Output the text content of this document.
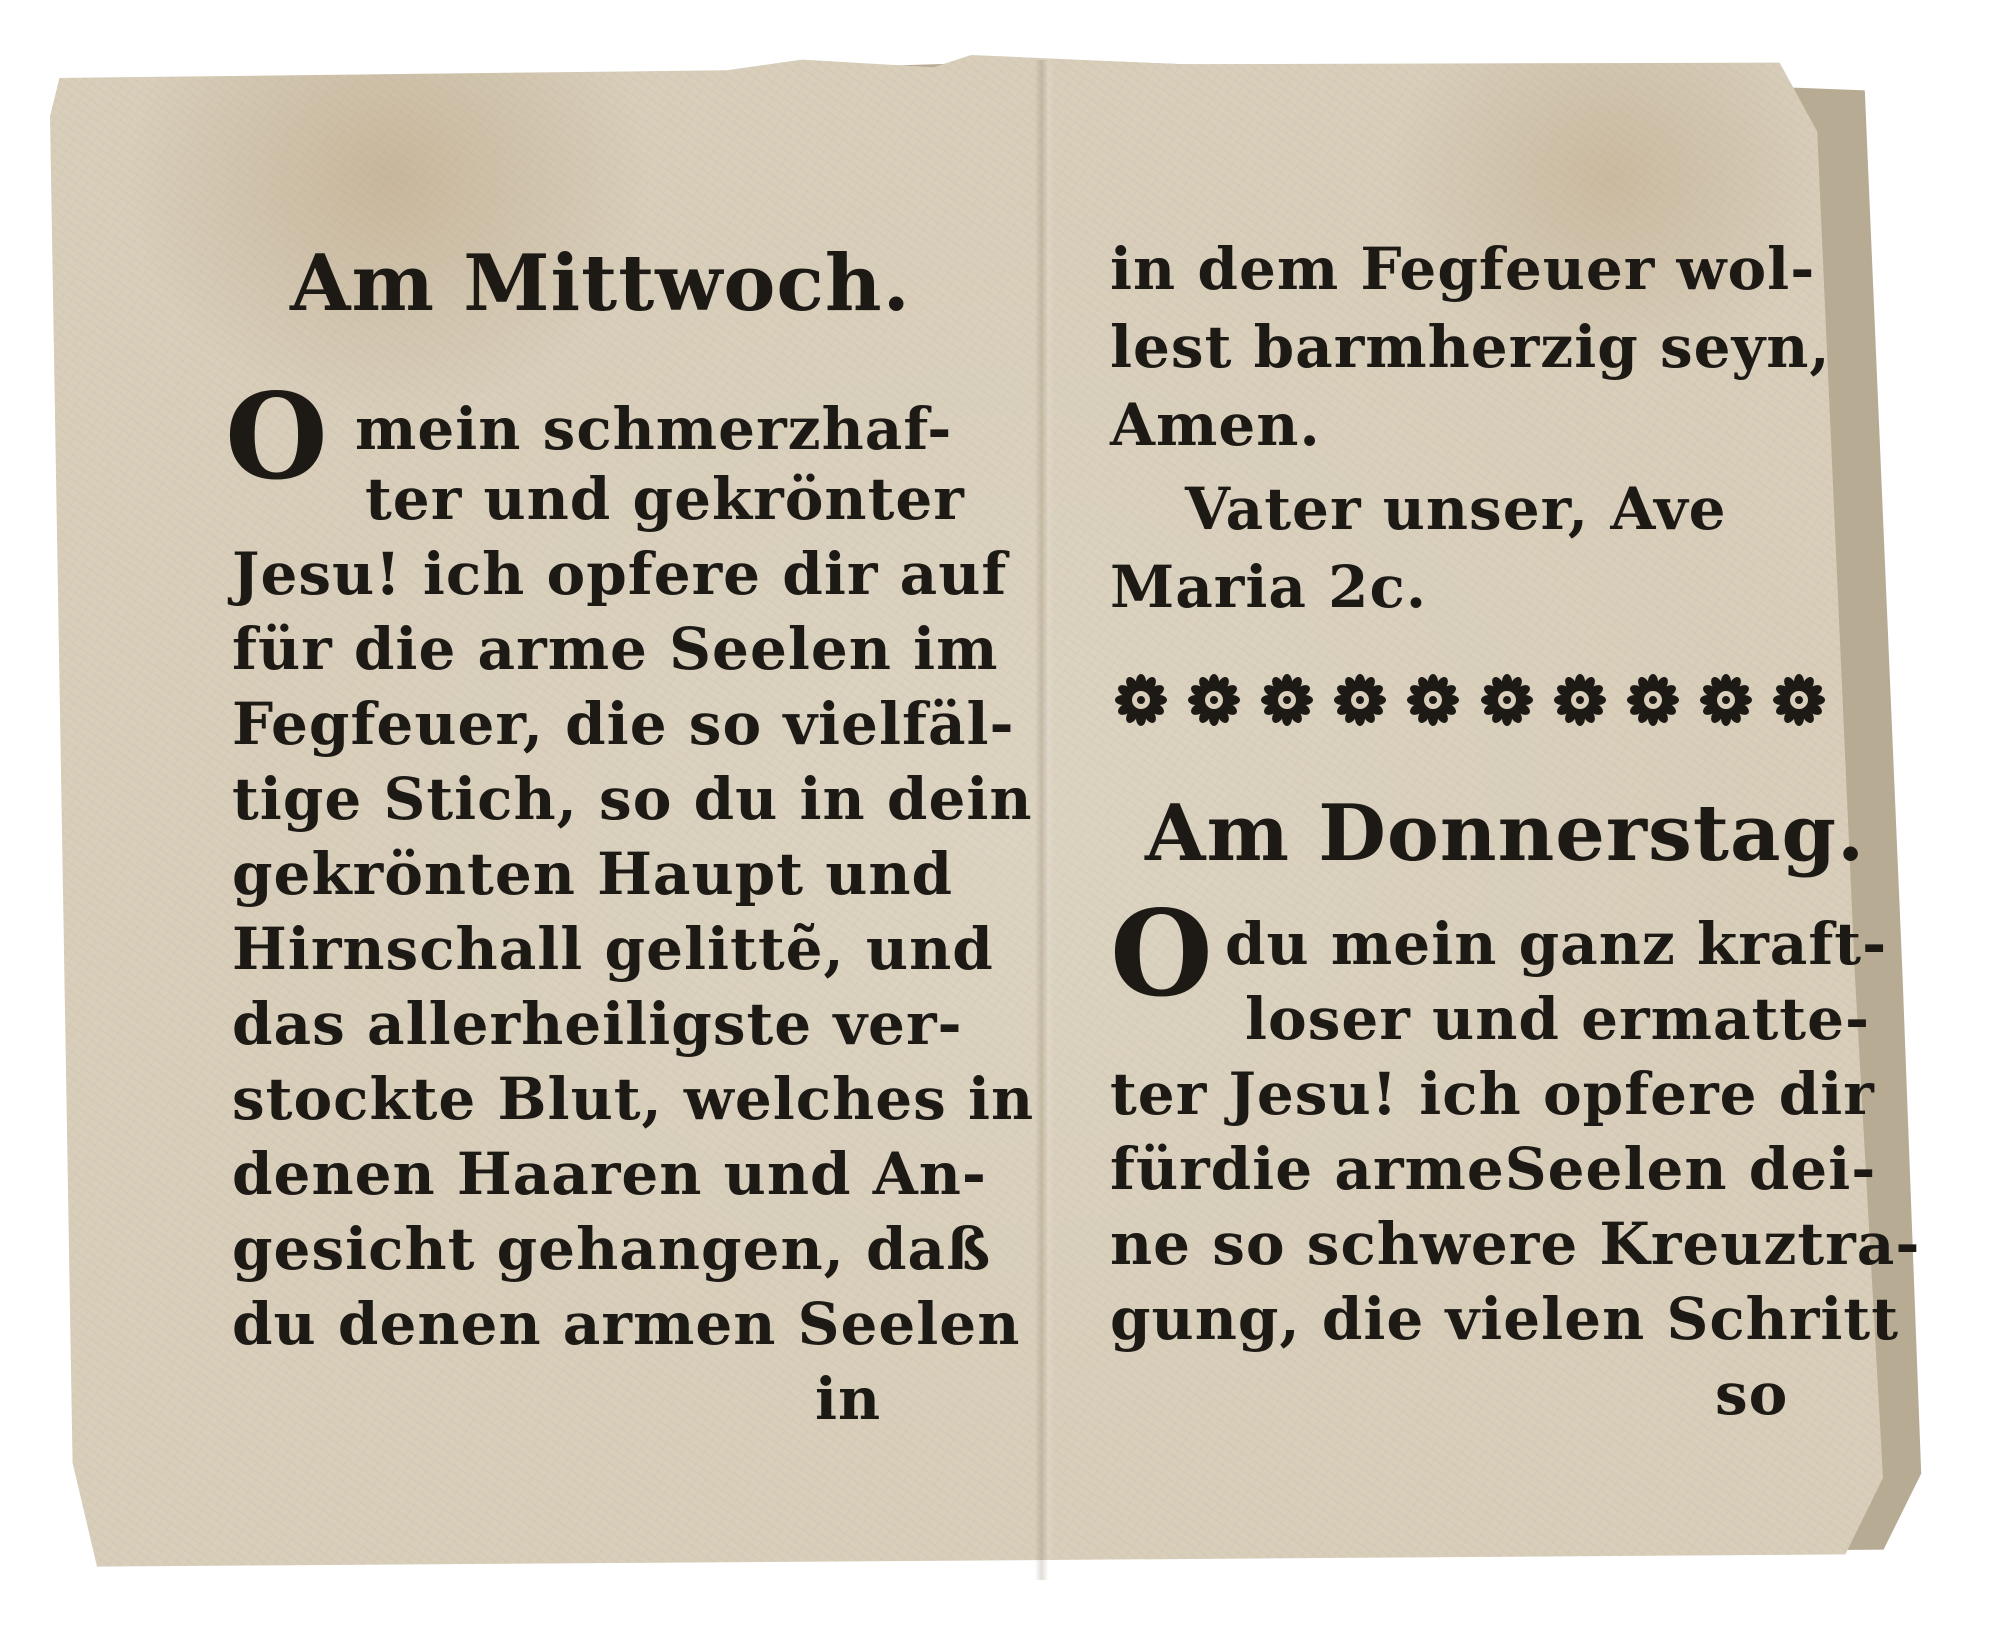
Am Mittwoch.
O mein schmerzhaf-
ter und gekrönter
Jesu! ich opfere dir auf
für die arme Seelen im
Fegfeuer, die so vielfäl-
tige Stich, so du in dein
gekrönten Haupt und
Hirnschall gelittẽ, und
das allerheiligste ver-
stockte Blut, welches in
denen Haaren und An-
gesicht gehangen, daß
du denen armen Seelen
in
in dem Fegfeuer wol-
lest barmherzig seyn,
Amen.
Vater unser, Ave
Maria 2c.
Am Donnerstag.
O du mein ganz kraft-
loser und ermatte-
ter Jesu! ich opfere dir
fürdie armeSeelen dei-
ne so schwere Kreuztra-
gung, die vielen Schritt
so
